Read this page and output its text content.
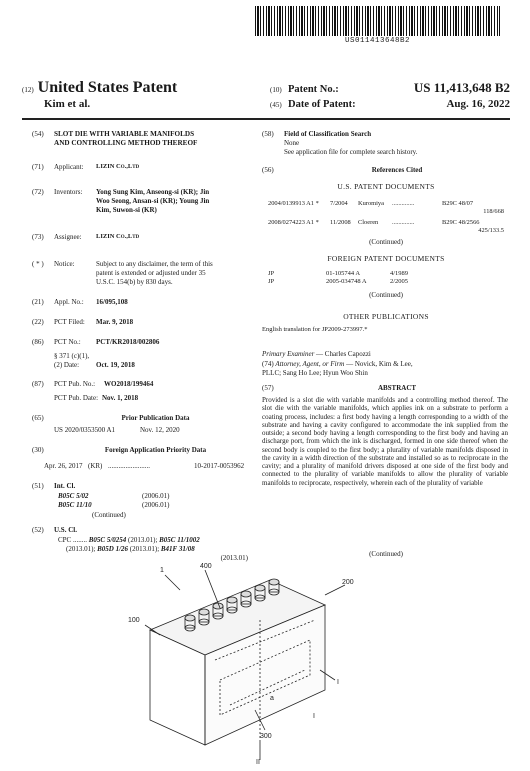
US011413648B2
(12) United States Patent
Kim et al.
(10) Patent No.:	US 11,413,648 B2
(45) Date of Patent:	Aug. 16, 2022
(54)	SLOT DIE WITH VARIABLE MANIFOLDS
AND CONTROLLING METHOD THEREOF
(71)	Applicant:	LIZIN Co.,Ltd
(72)	Inventors:	Yong Sung Kim, Anseong-si (KR); Jin
Woo Seong, Ansan-si (KR); Young Jin
Kim, Suwon-si (KR)
(73)	Assignee:	LIZIN Co.,Ltd
( * )	Notice:	Subject to any disclaimer, the term of this
patent is extended or adjusted under 35
U.S.C. 154(b) by 830 days.
(21)	Appl. No.:	16/095,108
(22)	PCT Filed:	Mar. 9, 2018
(86)	PCT No.:	PCT/KR2018/002806
§ 371 (c)(1),
(2) Date:	Oct. 19, 2018
(87)	PCT Pub. No.:	WO2018/199464
PCT Pub. Date: Nov. 1, 2018
(65)	Prior Publication Data
US 2020/0353500 A1	Nov. 12, 2020
(30)	Foreign Application Priority Data
Apr. 26, 2017 (KR) ........................	10-2017-0053962
(51)	Int. Cl.
B05C 5/02	(2006.01)
B05C 11/10	(2006.01)
(Continued)
(52)	U.S. Cl.
CPC ........ B05C 5/0254 (2013.01); B05C 11/1002
(2013.01); B05D 1/26 (2013.01); B41F 31/08
(2013.01)
(58)	Field of Classification Search
None
See application file for complete search history.
(56)	References Cited
U.S. PATENT DOCUMENTS
2004/0139913 A1 *	7/2004	Kuromiya	..............	B29C 48/07
118/668
2008/0274223 A1 *	11/2008	Cloeren	..............	B29C 48/2566
425/133.5
(Continued)
FOREIGN PATENT DOCUMENTS
JP	01-105744 A	4/1989
JP	2005-034748 A	2/2005
(Continued)
OTHER PUBLICATIONS
English translation for JP2009-273997.*
Primary Examiner — Charles Capozzi
(74) Attorney, Agent, or Firm — Novick, Kim & Lee,
PLLC; Sang Ho Lee; Hyun Woo Shin
(57)	ABSTRACT
Provided is a slot die with variable manifolds and a controlling method thereof. The slot die with the variable manifolds, which applies ink on a substrate to perform a coating process, includes: a first body having a length corresponding to a width of the substrate and having a cavity configured to accommodate the ink supplied from the outside; a second body having a length corresponding to the first body and having an discharge port, from which the ink is discharged, formed in one side thereof when the second body is coupled to the first body; a plurality of variable manifolds disposed in the cavity in a width direction of the substrate and installed so as to reciprocate in the cavity; and a plurality of manifold drivers disposed at one side of the first body and connected to the plurality of variable manifolds to allow the plurality of variable manifolds to reciprocate, respectively, wherein each of the plurality of variable
(Continued)
1
400
100
200
300
I
II
a
I
